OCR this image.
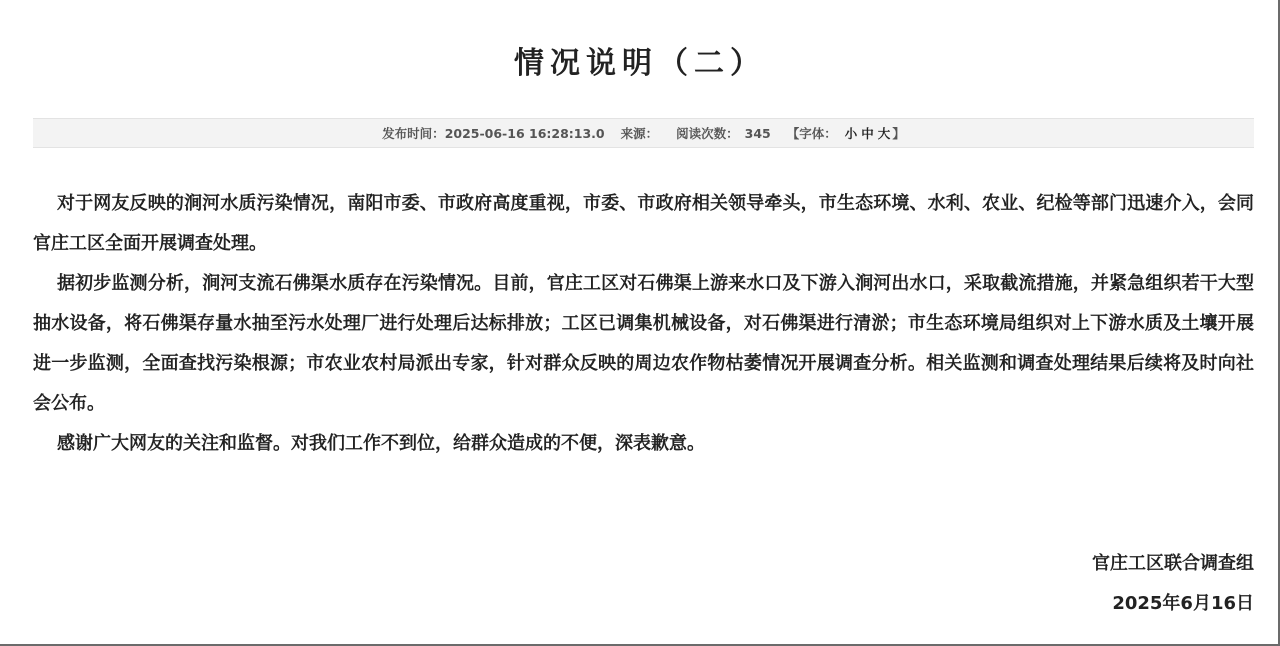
情况说明（二）
发布时间： 2025-06-16 16:28:13.0 来源： 阅读次数： 345 【字体： 小 中 大 】

对于网友反映的涧河水质污染情况，南阳市委、市政府高度重视，市委、市政府相关领导牵头，市生态环境、水利、农业、纪检等部门迅速介入，会同官庄工区全面开展调查处理。

据初步监测分析，涧河支流石佛渠水质存在污染情况。目前，官庄工区对石佛渠上游来水口及下游入涧河出水口，采取截流措施，并紧急组织若干大型抽水设备，将石佛渠存量水抽至污水处理厂进行处理后达标排放；工区已调集机械设备，对石佛渠进行清淤；市生态环境局组织对上下游水质及土壤开展进一步监测，全面查找污染根源；市农业农村局派出专家，针对群众反映的周边农作物枯萎情况开展调查分析。相关监测和调查处理结果后续将及时向社会公布。

感谢广大网友的关注和监督。对我们工作不到位，给群众造成的不便，深表歉意。

官庄工区联合调查组
2025年6月16日
